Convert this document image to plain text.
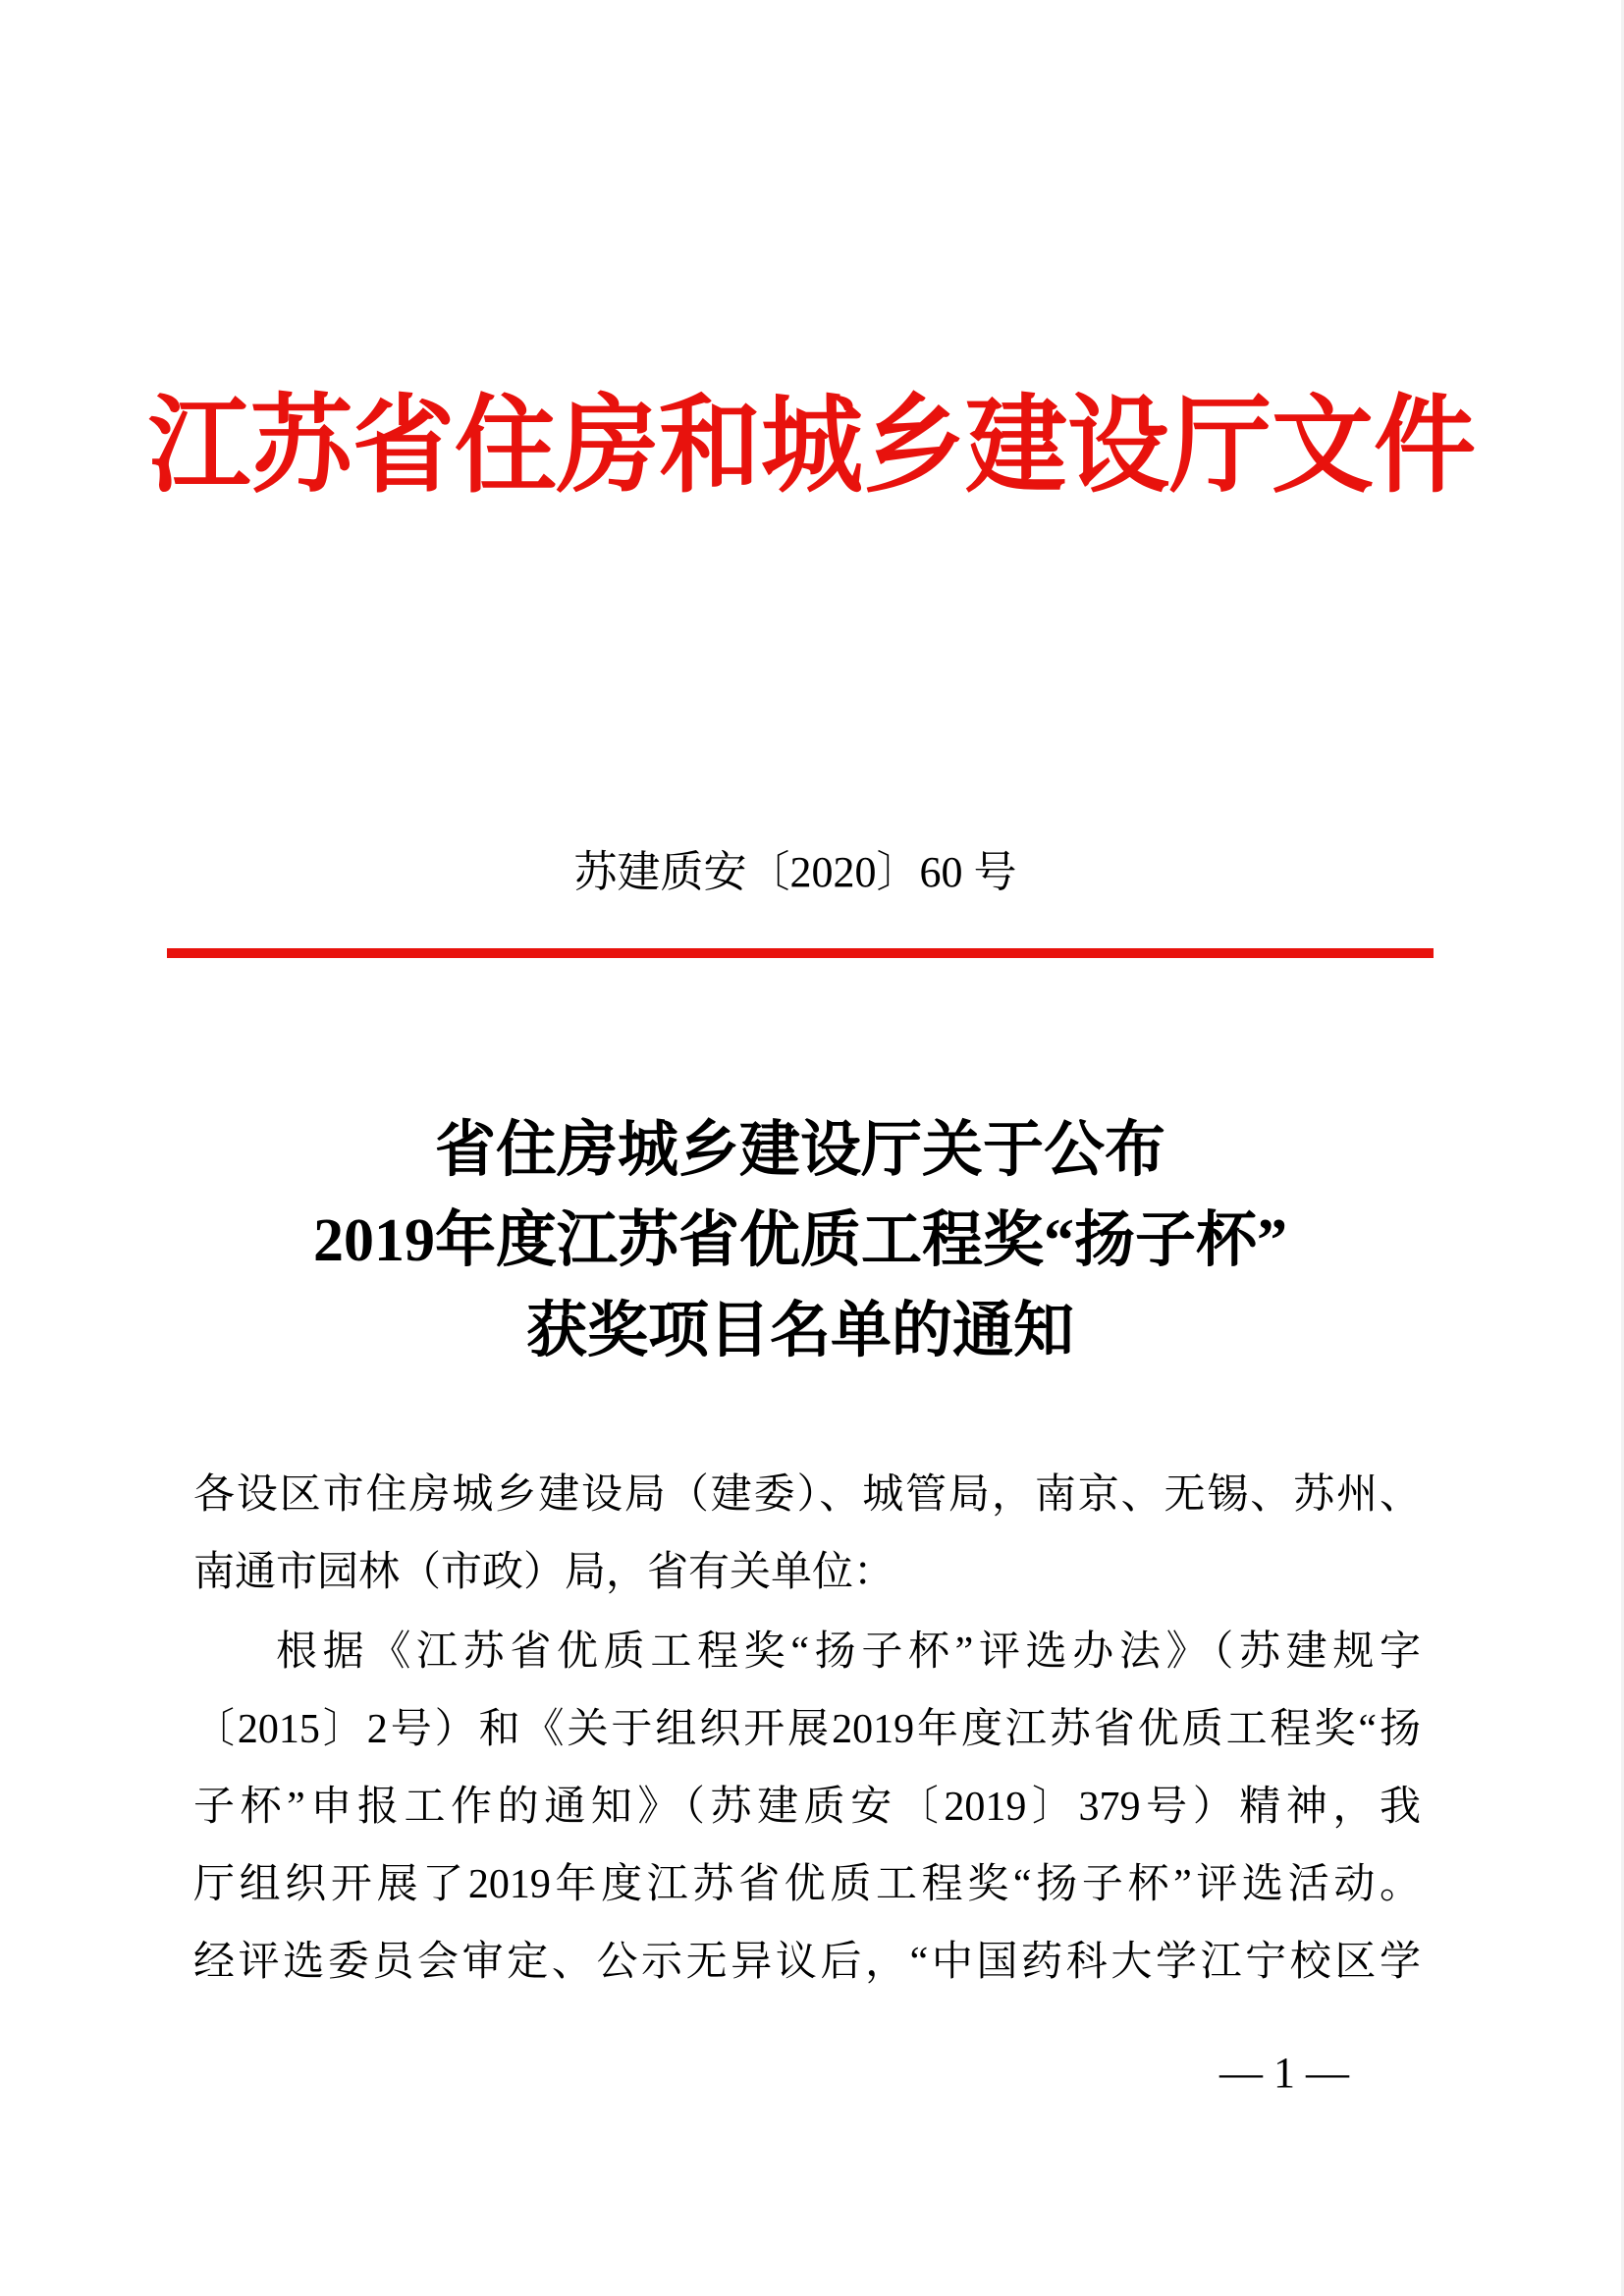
江苏省住房和城乡建设厅文件
苏建质安〔2020〕60 号
省住房城乡建设厅关于公布
2019年度江苏省优质工程奖“扬子杯”
获奖项目名单的通知
各设区市住房城乡建设局（建委）、城管局，南京、无锡、苏州、
南通市园林（市政）局，省有关单位：
根据《江苏省优质工程奖“扬子杯”评选办法》（苏建规字
〔2015〕2号）和《关于组织开展2019年度江苏省优质工程奖“扬
子杯”申报工作的通知》（苏建质安〔2019〕379号）精神，我
厅组织开展了2019年度江苏省优质工程奖“扬子杯”评选活动。
经评选委员会审定、公示无异议后，“中国药科大学江宁校区学
— 1 —
